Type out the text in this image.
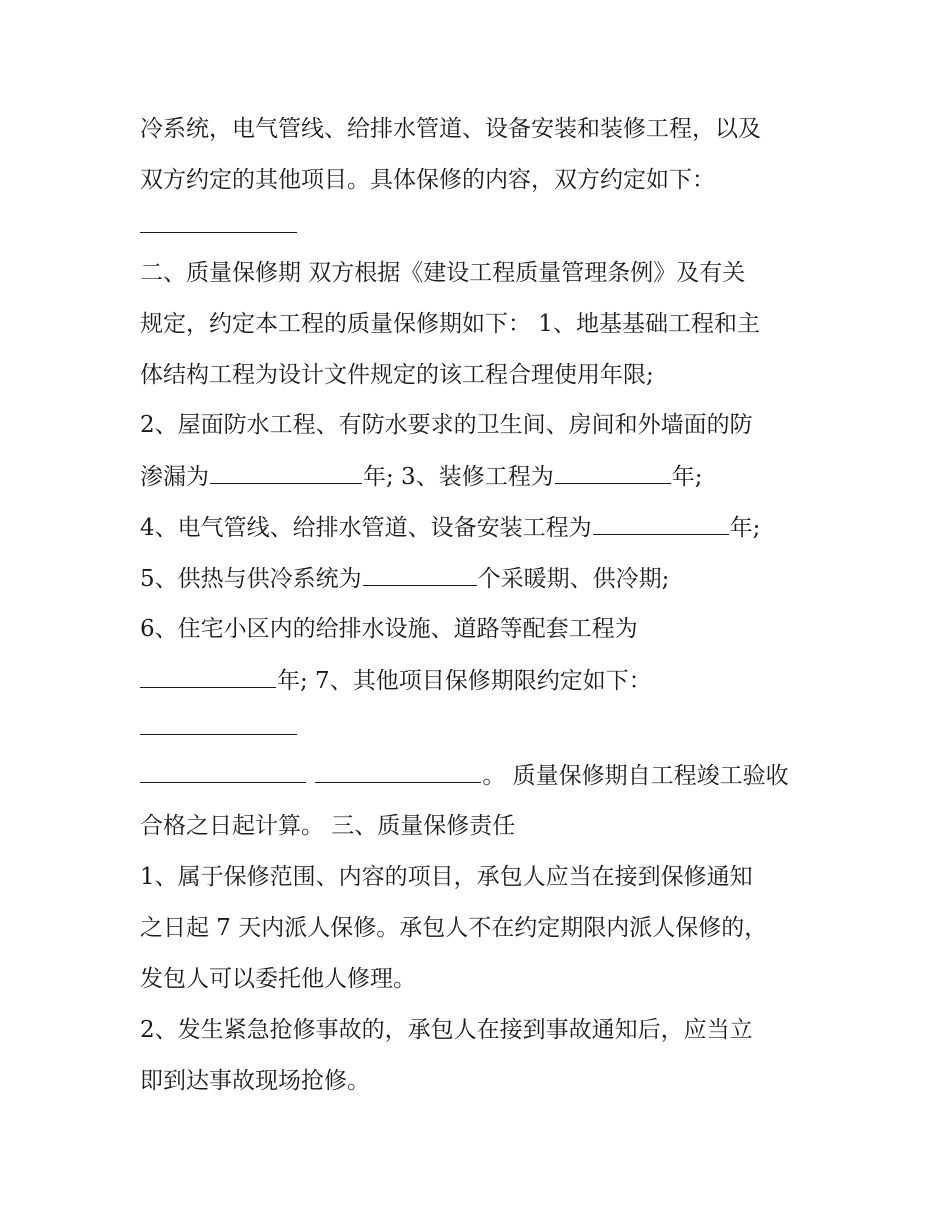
冷系统，电气管线、给排水管道、设备安装和装修工程，以及
双方约定的其他项目。具体保修的内容，双方约定如下：
二、质量保修期 双方根据《建设工程质量管理条例》及有关
规定，约定本工程的质量保修期如下： 1、地基基础工程和主
体结构工程为设计文件规定的该工程合理使用年限;
2、屋面防水工程、有防水要求的卫生间、房间和外墙面的防
渗漏为	年; 3、装修工程为	年;
4、电气管线、给排水管道、设备安装工程为	年;
5、供热与供冷系统为	个采暖期、供冷期;
6、住宅小区内的给排水设施、道路等配套工程为
年; 7、其他项目保修期限约定如下：
。 质量保修期自工程竣工验收
合格之日起计算。 三、质量保修责任
1、属于保修范围、内容的项目，承包人应当在接到保修通知
之日起 7 天内派人保修。承包人不在约定期限内派人保修的，
发包人可以委托他人修理。
2、发生紧急抢修事故的，承包人在接到事故通知后，应当立
即到达事故现场抢修。
